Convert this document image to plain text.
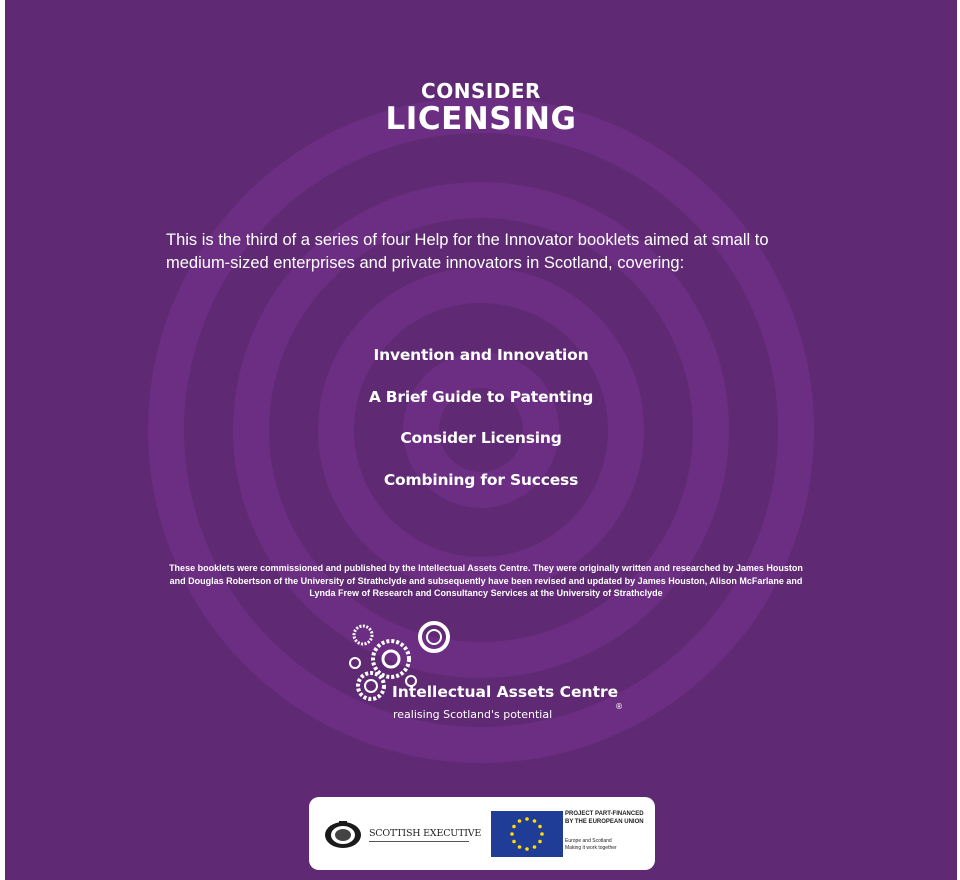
CONSIDER
LICENSING
This is the third of a series of four Help for the Innovator booklets aimed at small to medium-sized enterprises and private innovators in Scotland, covering:
Invention and Innovation
A Brief Guide to Patenting
Consider Licensing
Combining for Success
These booklets were commissioned and published by the Intellectual Assets Centre. They were originally written and researched by James Houston and Douglas Robertson of the University of Strathclyde and subsequently have been revised and updated by James Houston, Alison McFarlane and Lynda Frew of Research and Consultancy Services at the University of Strathclyde
Intellectual Assets Centre
®
realising Scotland's potential
SCOTTISH EXECUTIVE
PROJECT PART-FINANCED
BY THE EUROPEAN UNION
Europe and Scotland
Making it work together
